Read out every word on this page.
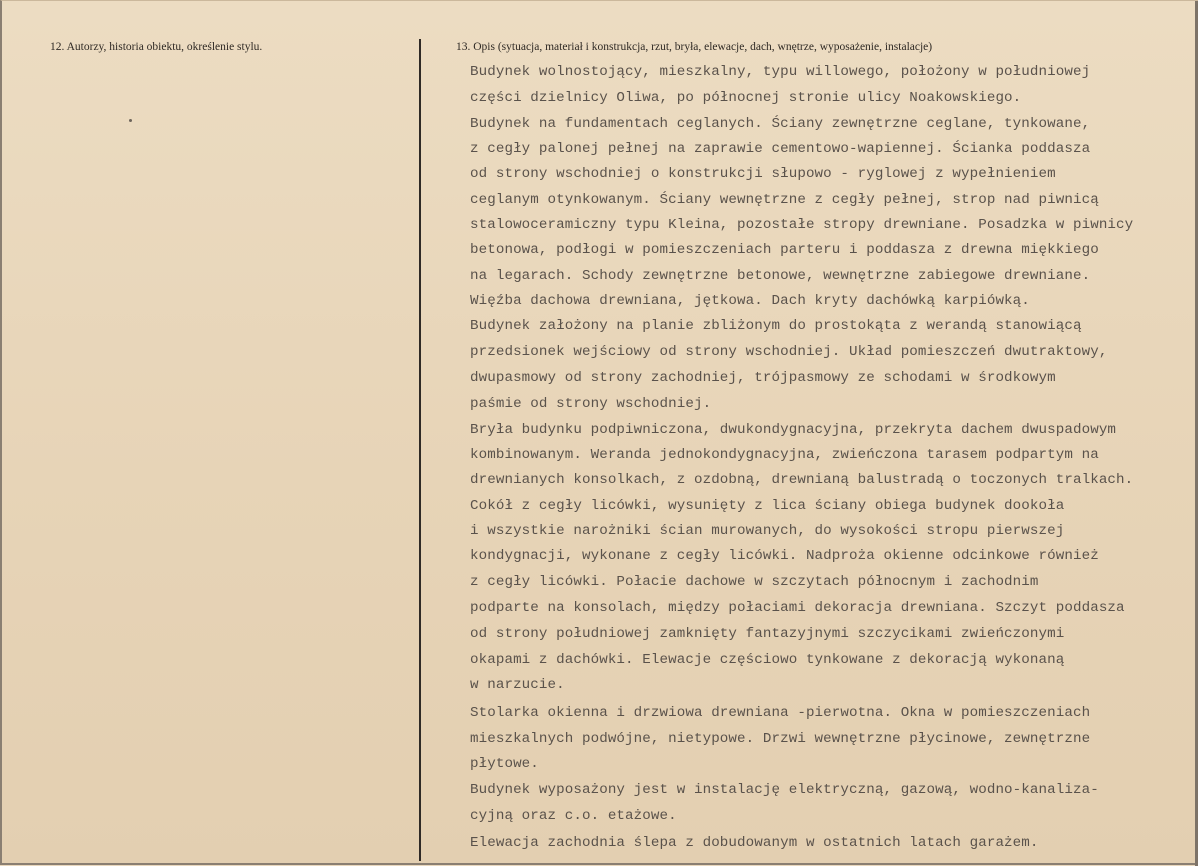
12. Autorzy, historia obiektu, określenie stylu.	13. Opis (sytuacja, materiał i konstrukcja, rzut, bryła, elewacje, dach, wnętrze, wyposażenie, instalacje)
Budynek wolnostojący, mieszkalny, typu willowego, położony w południowej
części dzielnicy Oliwa, po północnej stronie ulicy Noakowskiego.
Budynek na fundamentach ceglanych. Ściany zewnętrzne ceglane, tynkowane,
z cegły palonej pełnej na zaprawie cementowo-wapiennej. Ścianka poddasza
od strony wschodniej o konstrukcji słupowo - ryglowej z wypełnieniem
ceglanym otynkowanym. Ściany wewnętrzne z cegły pełnej, strop nad piwnicą
stalowoceramiczny typu Kleina, pozostałe stropy drewniane. Posadzka w piwnicy
betonowa, podłogi w pomieszczeniach parteru i poddasza z drewna miękkiego
na legarach. Schody zewnętrzne betonowe, wewnętrzne zabiegowe drewniane.
Więźba dachowa drewniana, jętkowa. Dach kryty dachówką karpiówką.
Budynek założony na planie zbliżonym do prostokąta z werandą stanowiącą
przedsionek wejściowy od strony wschodniej. Układ pomieszczeń dwutraktowy,
dwupasmowy od strony zachodniej, trójpasmowy ze schodami w środkowym
paśmie od strony wschodniej.
Bryła budynku podpiwniczona, dwukondygnacyjna, przekryta dachem dwuspadowym
kombinowanym. Weranda jednokondygnacyjna, zwieńczona tarasem podpartym na
drewnianych konsolkach, z ozdobną, drewnianą balustradą o toczonych tralkach.
Cokół z cegły licówki, wysunięty z lica ściany obiega budynek dookoła
i wszystkie narożniki ścian murowanych, do wysokości stropu pierwszej
kondygnacji, wykonane z cegły licówki. Nadproża okienne odcinkowe również
z cegły licówki. Połacie dachowe w szczytach północnym i zachodnim
podparte na konsolach, między połaciami dekoracja drewniana. Szczyt poddasza
od strony południowej zamknięty fantazyjnymi szczycikami zwieńczonymi
okapami z dachówki. Elewacje częściowo tynkowane z dekoracją wykonaną
w narzucie.
Stolarka okienna i drzwiowa drewniana -pierwotna. Okna w pomieszczeniach
mieszkalnych podwójne, nietypowe. Drzwi wewnętrzne płycinowe, zewnętrzne
płytowe.
Budynek wyposażony jest w instalację elektryczną, gazową, wodno-kanaliza-
cyjną oraz c.o. etażowe.
Elewacja zachodnia ślepa z dobudowanym w ostatnich latach garażem.
